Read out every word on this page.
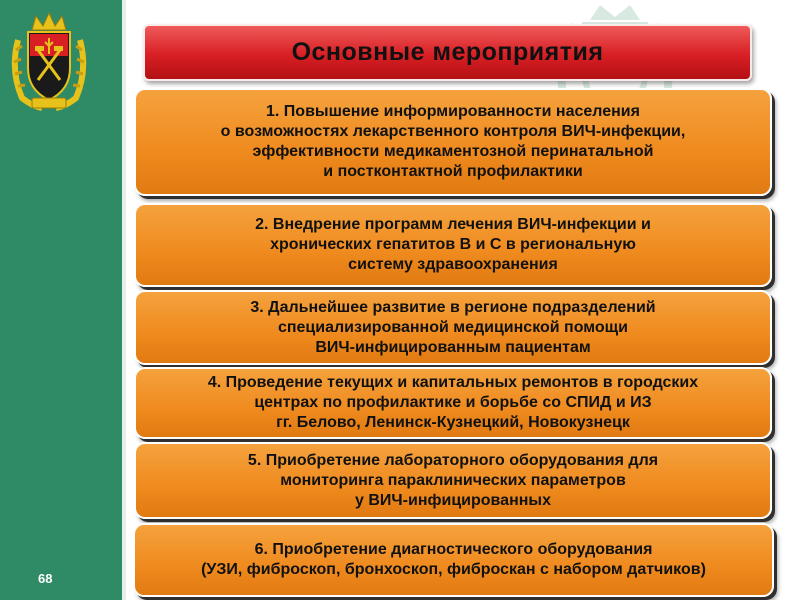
68
Основные мероприятия
1. Повышение информированности населения
о возможностях лекарственного контроля ВИЧ-инфекции,
эффективности медикаментозной перинатальной
и постконтактной профилактики
2. Внедрение программ лечения ВИЧ-инфекции и
хронических гепатитов В и С в региональную
систему здравоохранения
3. Дальнейшее развитие в регионе подразделений
специализированной медицинской помощи
ВИЧ-инфицированным пациентам
4. Проведение текущих и капитальных ремонтов в городских
центрах по профилактике и борьбе со СПИД и ИЗ
гг. Белово, Ленинск-Кузнецкий, Новокузнецк
5. Приобретение лабораторного оборудования для
мониторинга параклинических параметров
у ВИЧ-инфицированных
6. Приобретение диагностического оборудования
(УЗИ, фиброскоп, бронхоскоп, фиброскан с набором датчиков)
